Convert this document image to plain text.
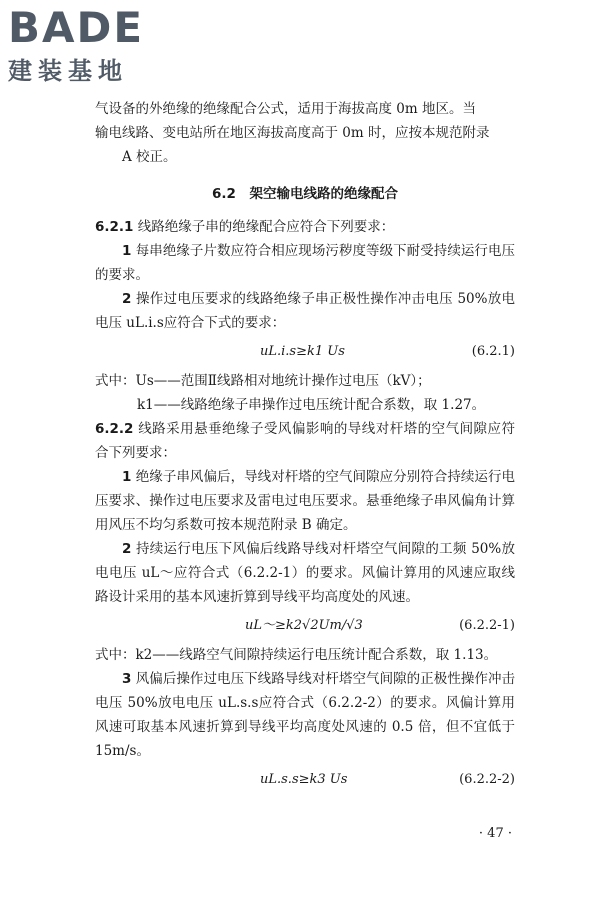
BADE
建装基地

气设备的外绝缘的绝缘配合公式，适用于海拔高度 0m 地区。当

输电线路、变电站所在地区海拔高度高于 0m 时，应按本规范附录

A 校正。

6.2　架空输电线路的绝缘配合

6.2.1 线路绝缘子串的绝缘配合应符合下列要求：

1 每串绝缘子片数应符合相应现场污秽度等级下耐受持续运行电压的要求。

2 操作过电压要求的线路绝缘子串正极性操作冲击电压 50%放电电压 uL.i.s应符合下式的要求：

uL.i.s≥k1 Us	(6.2.1)

式中：Us——范围Ⅱ线路相对地统计操作过电压（kV）；

k1——线路绝缘子串操作过电压统计配合系数，取 1.27。

6.2.2 线路采用悬垂绝缘子受风偏影响的导线对杆塔的空气间隙应符合下列要求：

1 绝缘子串风偏后，导线对杆塔的空气间隙应分别符合持续运行电压要求、操作过电压要求及雷电过电压要求。悬垂绝缘子串风偏角计算用风压不均匀系数可按本规范附录 B 确定。

2 持续运行电压下风偏后线路导线对杆塔空气间隙的工频 50%放电电压 uL～应符合式（6.2.2-1）的要求。风偏计算用的风速应取线路设计采用的基本风速折算到导线平均高度处的风速。

uL～≥k2√2Um/√3	(6.2.2-1)

式中：k2——线路空气间隙持续运行电压统计配合系数，取 1.13。

3 风偏后操作过电压下线路导线对杆塔空气间隙的正极性操作冲击电压 50%放电电压 uL.s.s应符合式（6.2.2-2）的要求。风偏计算用风速可取基本风速折算到导线平均高度处风速的 0.5 倍，但不宜低于 15m/s。

uL.s.s≥k3 Us	(6.2.2-2)
· 47 ·
